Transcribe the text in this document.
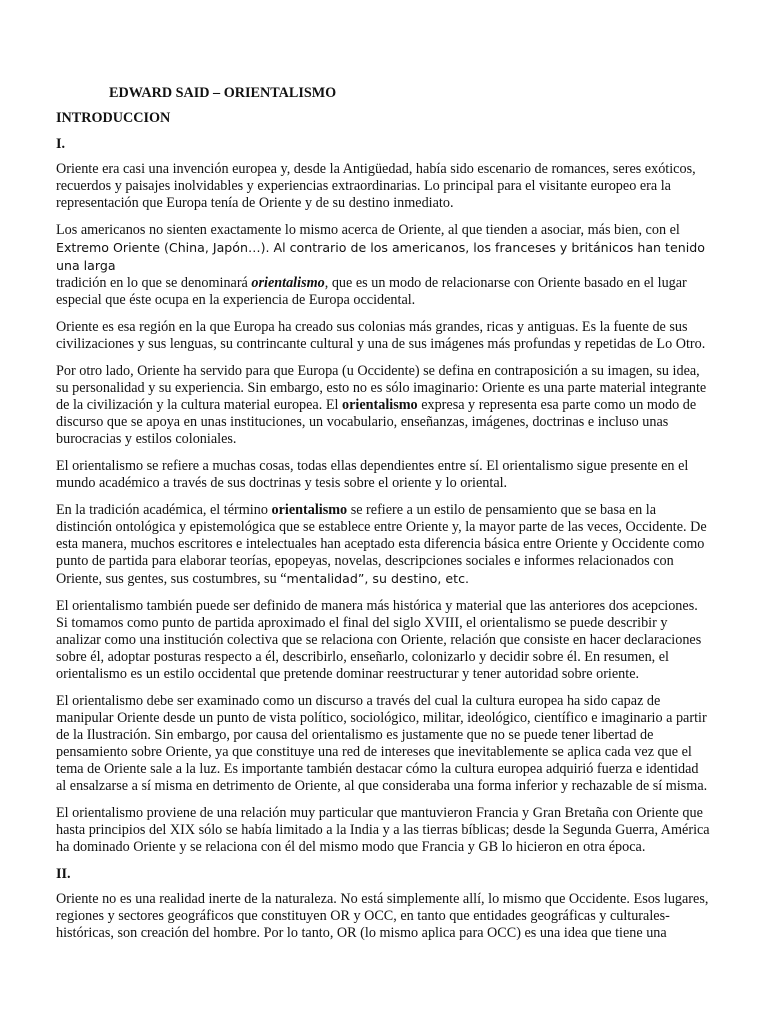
EDWARD SAID – ORIENTALISMO
INTRODUCCION
I.

Oriente era casi una invención europea y, desde la Antigüedad, había sido escenario de romances, seres exóticos, recuerdos y paisajes inolvidables y experiencias extraordinarias. Lo principal para el visitante europeo era la representación que Europa tenía de Oriente y de su destino inmediato.

Los americanos no sienten exactamente lo mismo acerca de Oriente, al que tienden a asociar, más bien, con el
Extremo Oriente (China, Japón…). Al contrario de los americanos, los franceses y británicos han tenido una larga
tradición en lo que se denominará orientalismo, que es un modo de relacionarse con Oriente basado en el lugar especial que éste ocupa en la experiencia de Europa occidental.

Oriente es esa región en la que Europa ha creado sus colonias más grandes, ricas y antiguas. Es la fuente de sus civilizaciones y sus lenguas, su contrincante cultural y una de sus imágenes más profundas y repetidas de Lo Otro.

Por otro lado, Oriente ha servido para que Europa (u Occidente) se defina en contraposición a su imagen, su idea, su personalidad y su experiencia. Sin embargo, esto no es sólo imaginario: Oriente es una parte material integrante de la civilización y la cultura material europea. El orientalismo expresa y representa esa parte como un modo de discurso que se apoya en unas instituciones, un vocabulario, enseñanzas, imágenes, doctrinas e incluso unas burocracias y estilos coloniales.

El orientalismo se refiere a muchas cosas, todas ellas dependientes entre sí. El orientalismo sigue presente en el mundo académico a través de sus doctrinas y tesis sobre el oriente y lo oriental.

En la tradición académica, el término orientalismo se refiere a un estilo de pensamiento que se basa en la distinción ontológica y epistemológica que se establece entre Oriente y, la mayor parte de las veces, Occidente. De esta manera, muchos escritores e intelectuales han aceptado esta diferencia básica entre Oriente y Occidente como punto de partida para elaborar teorías, epopeyas, novelas, descripciones sociales e informes relacionados con Oriente, sus gentes, sus costumbres, su “mentalidad”, su destino, etc.

El orientalismo también puede ser definido de manera más histórica y material que las anteriores dos acepciones. Si tomamos como punto de partida aproximado el final del siglo XVIII, el orientalismo se puede describir y analizar como una institución colectiva que se relaciona con Oriente, relación que consiste en hacer declaraciones sobre él, adoptar posturas respecto a él, describirlo, enseñarlo, colonizarlo y decidir sobre él. En resumen, el orientalismo es un estilo occidental que pretende dominar reestructurar y tener autoridad sobre oriente.

El orientalismo debe ser examinado como un discurso a través del cual la cultura europea ha sido capaz de manipular Oriente desde un punto de vista político, sociológico, militar, ideológico, científico e imaginario a partir de la Ilustración. Sin embargo, por causa del orientalismo es justamente que no se puede tener libertad de pensamiento sobre Oriente, ya que constituye una red de intereses que inevitablemente se aplica cada vez que el tema de Oriente sale a la luz. Es importante también destacar cómo la cultura europea adquirió fuerza e identidad al ensalzarse a sí misma en detrimento de Oriente, al que consideraba una forma inferior y rechazable de sí misma.

El orientalismo proviene de una relación muy particular que mantuvieron Francia y Gran Bretaña con Oriente que hasta principios del XIX sólo se había limitado a la India y a las tierras bíblicas; desde la Segunda Guerra, América ha dominado Oriente y se relaciona con él del mismo modo que Francia y GB lo hicieron en otra época.

II.

Oriente no es una realidad inerte de la naturaleza. No está simplemente allí, lo mismo que Occidente. Esos lugares, regiones y sectores geográficos que constituyen OR y OCC, en tanto que entidades geográficas y culturales-históricas, son creación del hombre. Por lo tanto, OR (lo mismo aplica para OCC) es una idea que tiene una
